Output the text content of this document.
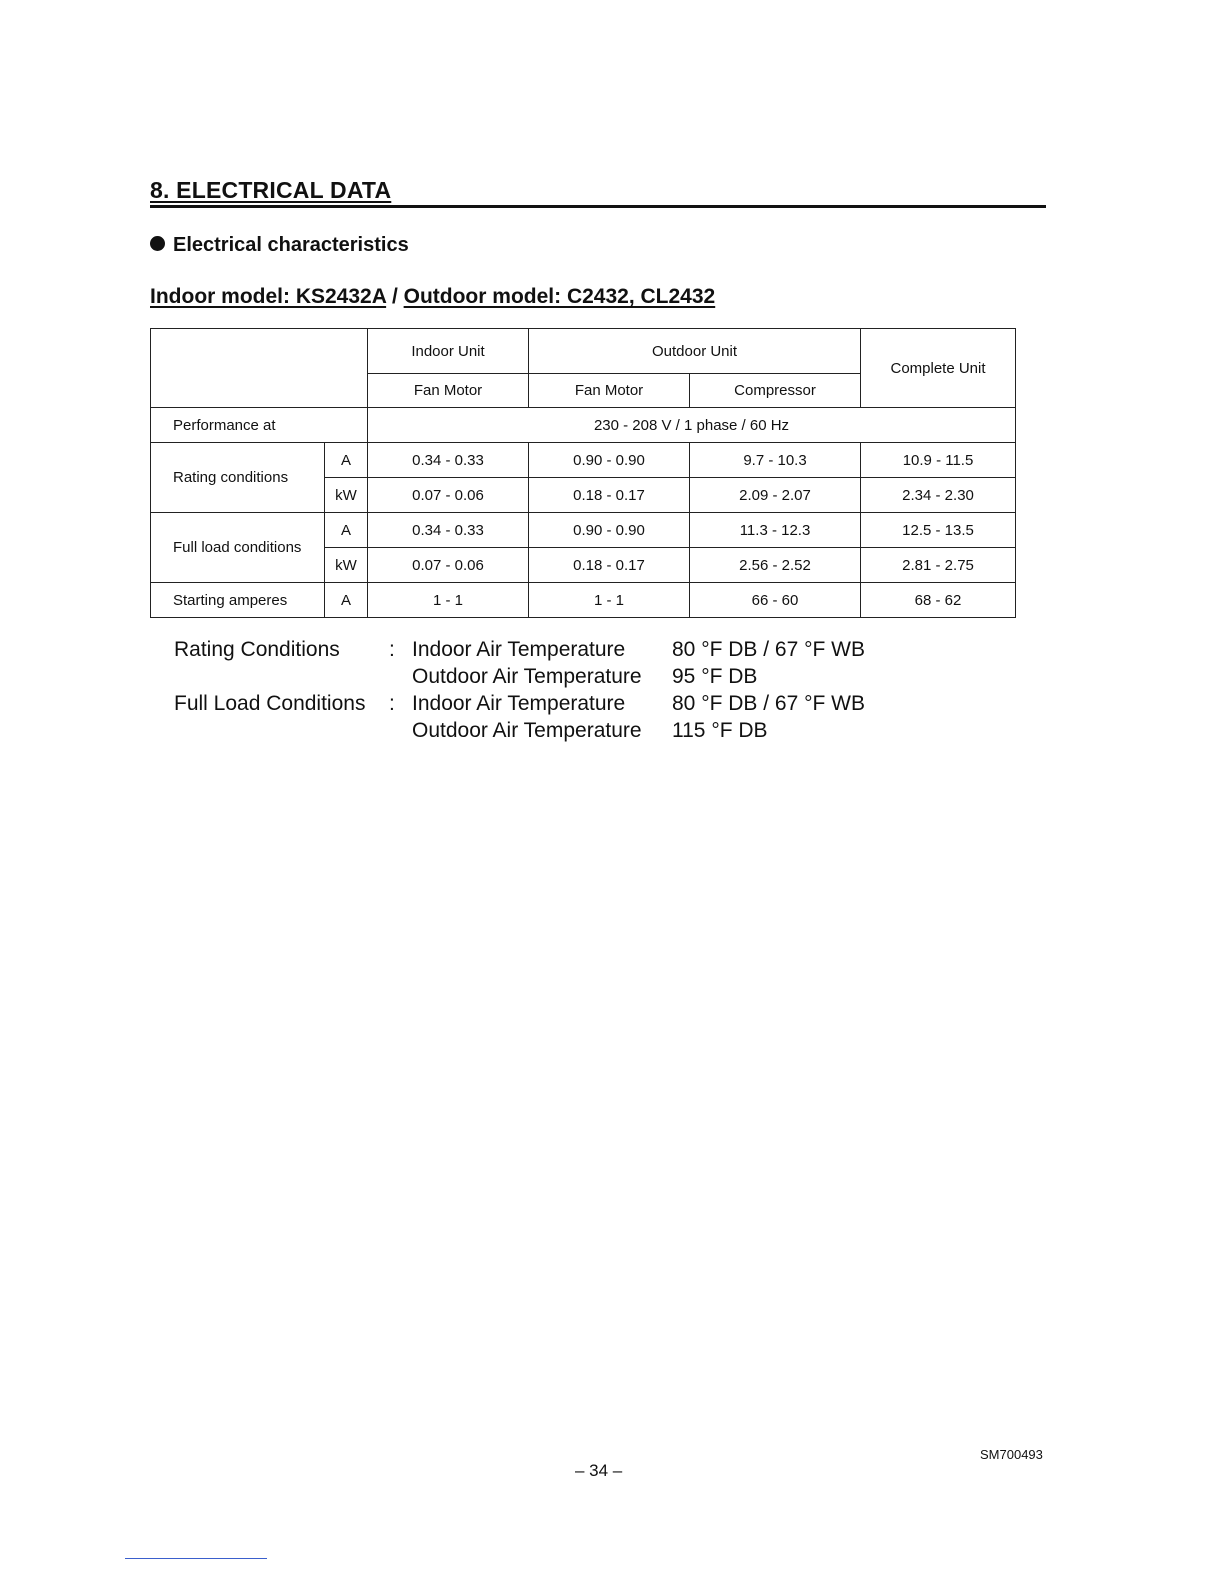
8. ELECTRICAL DATA
Electrical characteristics
Indoor model: KS2432A / Outdoor model: C2432, CL2432
		Indoor Unit	Outdoor Unit		Complete Unit
		Fan Motor	Fan Motor	Compressor	
Performance at		230 - 208 V / 1 phase / 60 Hz			
Rating conditions	A	0.34 - 0.33	0.90 - 0.90	9.7 - 10.3	10.9 - 11.5
	kW	0.07 - 0.06	0.18 - 0.17	2.09 - 2.07	2.34 - 2.30
Full load conditions	A	0.34 - 0.33	0.90 - 0.90	11.3 - 12.3	12.5 - 13.5
	kW	0.07 - 0.06	0.18 - 0.17	2.56 - 2.52	2.81 - 2.75
Starting amperes	A	1 - 1	1 - 1	66 - 60	68 - 62
Rating Conditions : Indoor Air Temperature 80 °F DB / 67 °F WB
Outdoor Air Temperature 95 °F DB
Full Load Conditions : Indoor Air Temperature 80 °F DB / 67 °F WB
Outdoor Air Temperature 115 °F DB
SM700493
– 34 –
